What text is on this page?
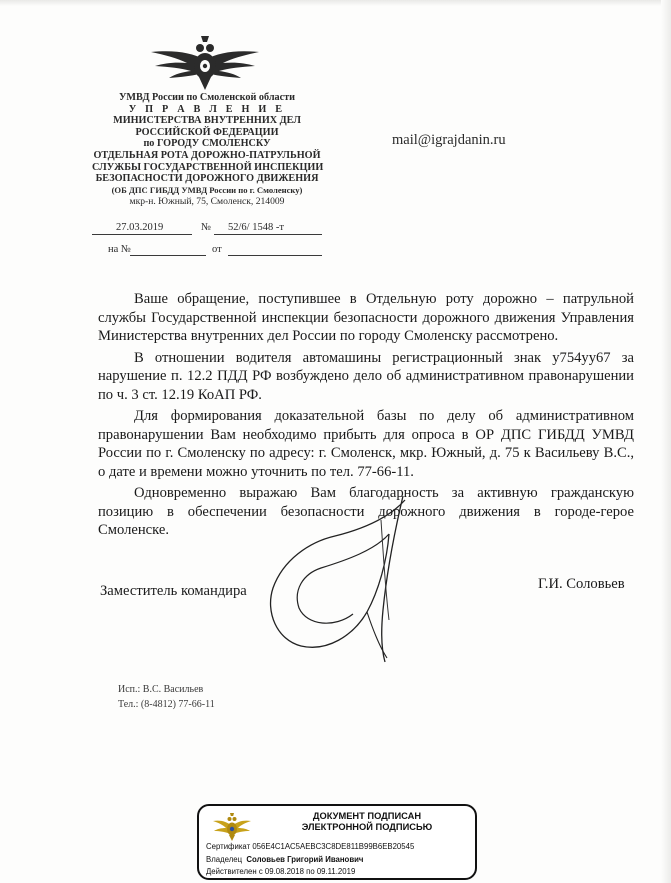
УМВД России по Смоленской области
У П Р А В Л Е Н И Е
МИНИСТЕРСТВА ВНУТРЕННИХ ДЕЛ
РОССИЙСКОЙ ФЕДЕРАЦИИ
по ГОРОДУ СМОЛЕНСКУ
ОТДЕЛЬНАЯ РОТА ДОРОЖНО-ПАТРУЛЬНОЙ
СЛУЖБЫ ГОСУДАРСТВЕННОЙ ИНСПЕКЦИИ
БЕЗОПАСНОСТИ ДОРОЖНОГО ДВИЖЕНИЯ
(ОБ ДПС ГИБДД УМВД России по г. Смоленску)
мкр-н. Южный, 75, Смоленск, 214009
mail@igrajdanin.ru
27.03.2019	№ 52/6/ 1548 -т
на №	от

Ваше обращение, поступившее в Отдельную роту дорожно – патрульной службы Государственной инспекции безопасности дорожного движения Управления Министерства внутренних дел России по городу Смоленску рассмотрено.

В отношении водителя автомашины регистрационный знак у754уу67 за нарушение п. 12.2 ПДД РФ возбуждено дело об административном правонарушении по ч. 3 ст. 12.19 КоАП РФ.

Для формирования доказательной базы по делу об административном правонарушении Вам необходимо прибыть для опроса в ОР ДПС ГИБДД УМВД России по г. Смоленску по адресу: г. Смоленск, мкр. Южный, д. 75 к Васильеву В.С., о дате и времени можно уточнить по тел. 77-66-11.

Одновременно выражаю Вам благодарность за активную гражданскую позицию в обеспечении безопасности дорожного движения в городе-герое Смоленске.

Заместитель командира	Г.И. Соловьев
Исп.: В.С. Васильев
Тел.: (8-4812) 77-66-11
ДОКУМЕНТ ПОДПИСАН
ЭЛЕКТРОННОЙ ПОДПИСЬЮ
Сертификат 056E4C1AC5AEBC3C8DE811B99B6EB20545
Владелец Соловьев Григорий Иванович
Действителен с 09.08.2018 по 09.11.2019
